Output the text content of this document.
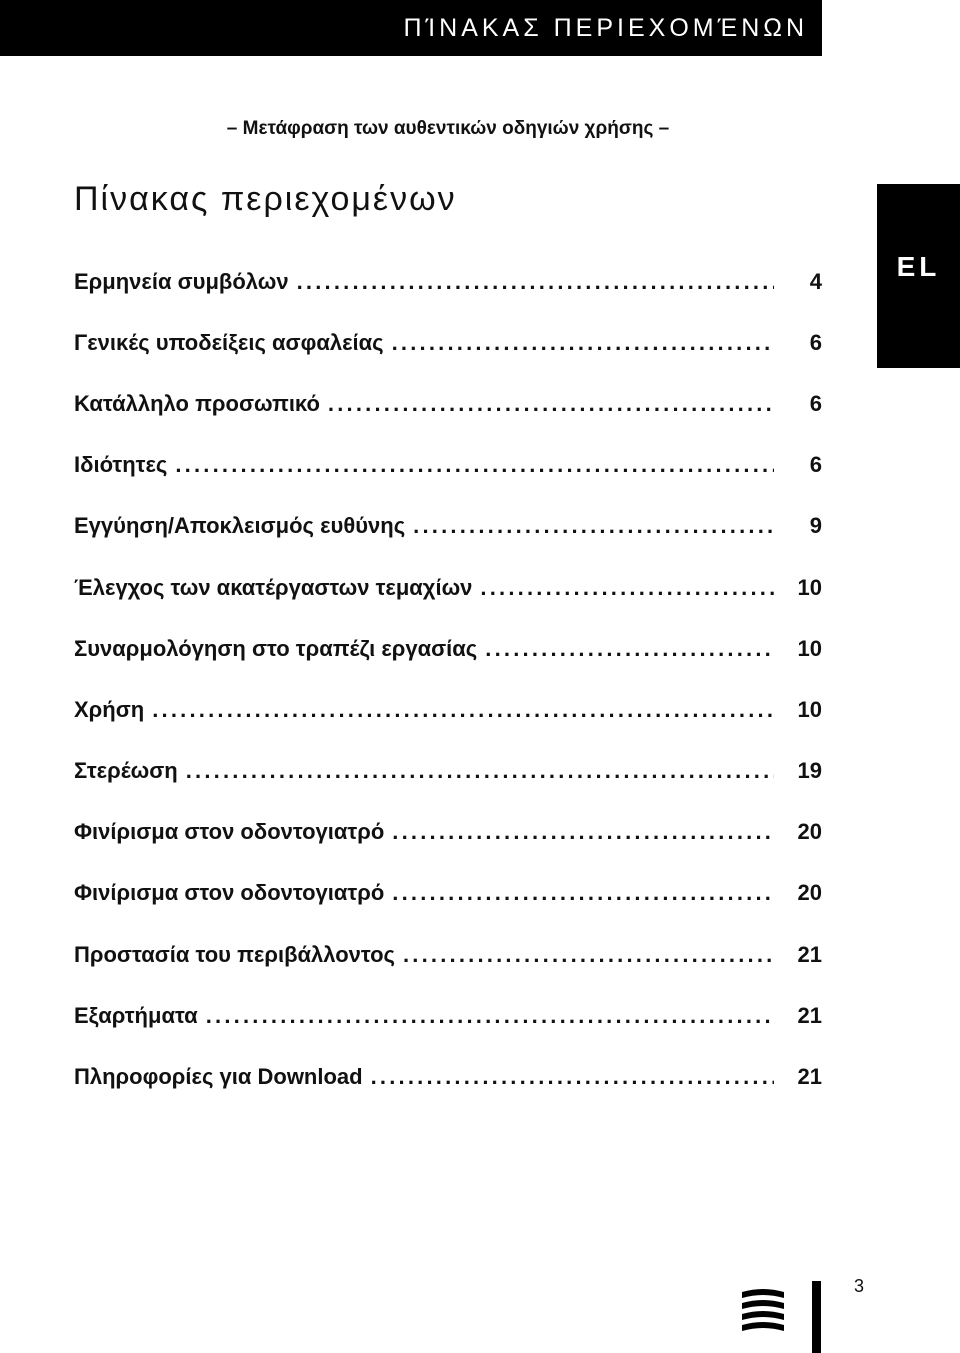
ΠΊΝΑΚΑΣ ΠΕΡΙΕΧΟΜΈΝΩΝ
– Μετάφραση των αυθεντικών οδηγιών χρήσης –
Πίνακας περιεχομένων
EL
Ερμηνεία συμβόλων .....	4
Γενικές υποδείξεις ασφαλείας .....	6
Κατάλληλο προσωπικό .....	6
Ιδιότητες .....	6
Εγγύηση/Αποκλεισμός ευθύνης .....	9
Έλεγχος των ακατέργαστων τεμαχίων .....	10
Συναρμολόγηση στο τραπέζι εργασίας .....	10
Χρήση .....	10
Στερέωση .....	19
Φινίρισμα στον οδοντογιατρό .....	20
Φινίρισμα στον οδοντογιατρό .....	20
Προστασία του περιβάλλοντος .....	21
Εξαρτήματα .....	21
Πληροφορίες για Download .....	21
3
